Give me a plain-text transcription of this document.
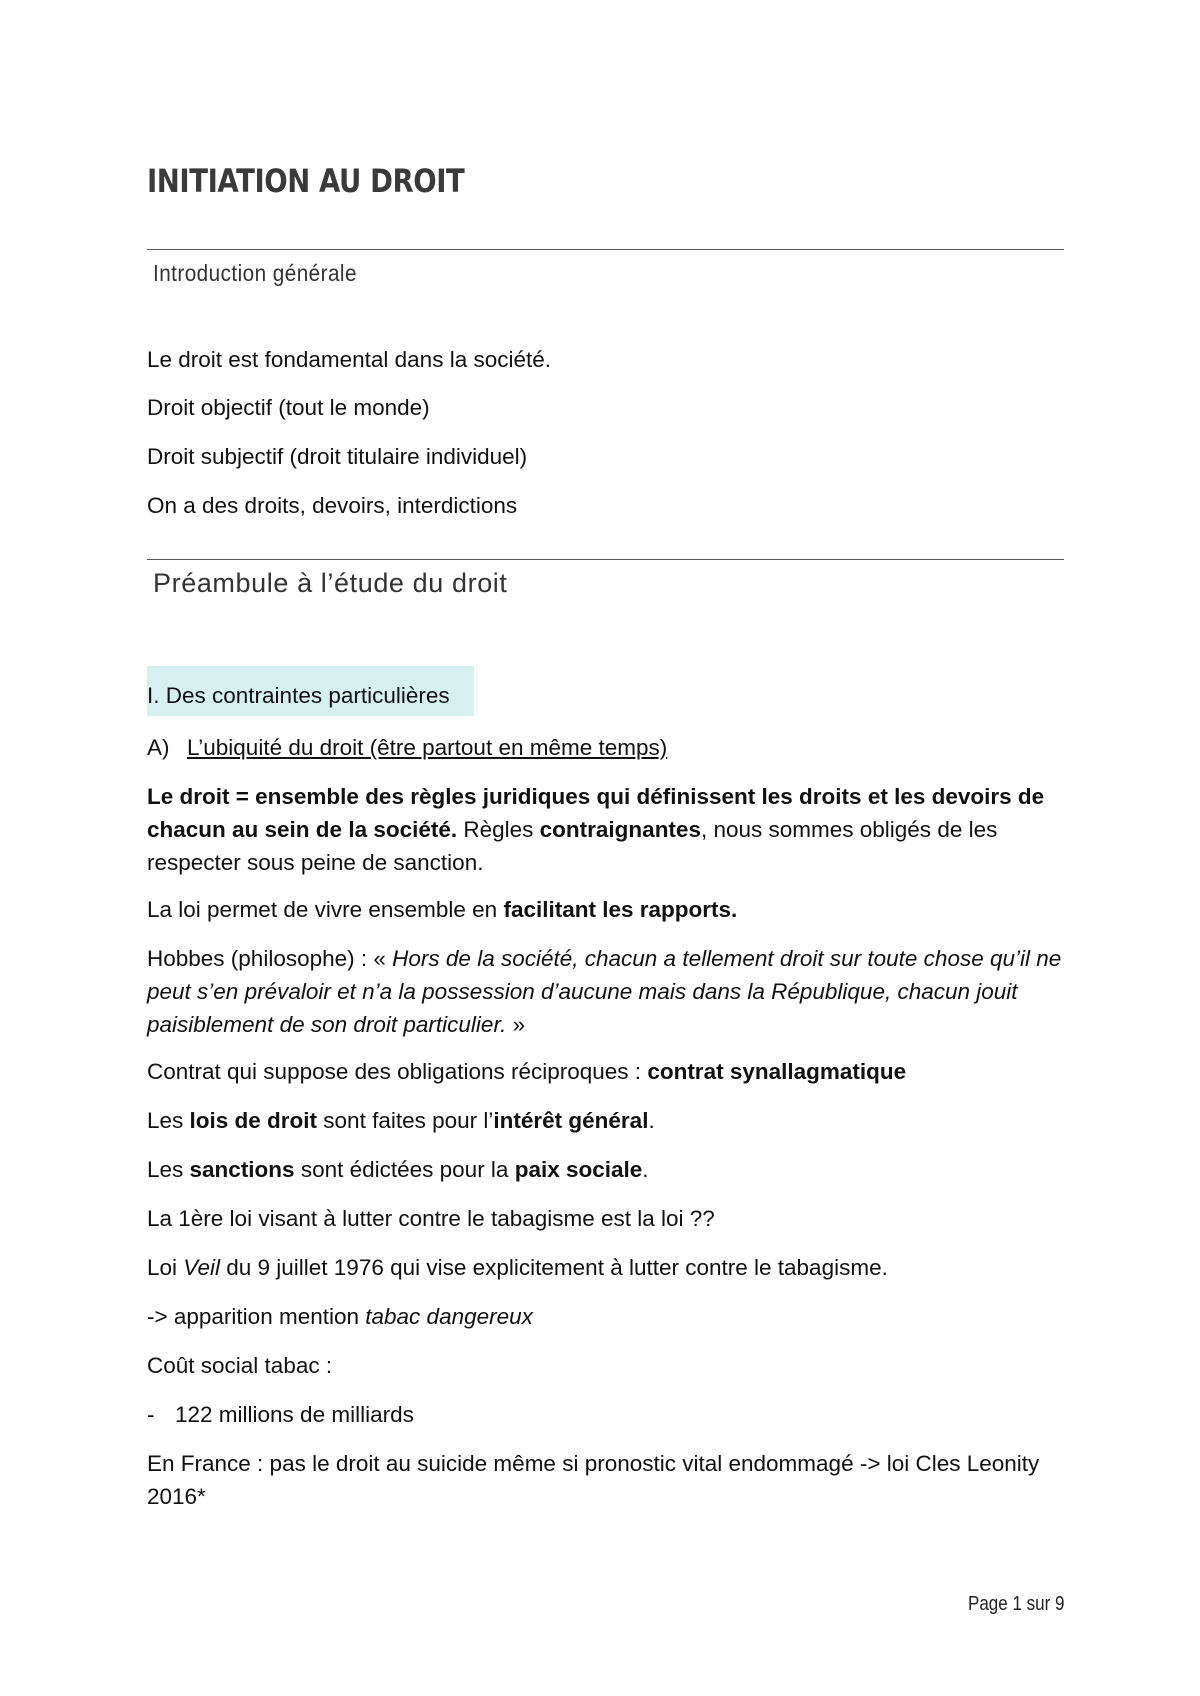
INITIATION AU DROIT
Introduction générale

Le droit est fondamental dans la société.

Droit objectif (tout le monde)

Droit subjectif (droit titulaire individuel)

On a des droits, devoirs, interdictions

Préambule à l’étude du droit

I. Des contraintes particulières

A) L’ubiquité du droit (être partout en même temps)

Le droit = ensemble des règles juridiques qui définissent les droits et les devoirs de chacun au sein de la société. Règles contraignantes, nous sommes obligés de les respecter sous peine de sanction.

La loi permet de vivre ensemble en facilitant les rapports.

Hobbes (philosophe) : « Hors de la société, chacun a tellement droit sur toute chose qu’il ne peut s’en prévaloir et n’a la possession d’aucune mais dans la République, chacun jouit paisiblement de son droit particulier. »

Contrat qui suppose des obligations réciproques : contrat synallagmatique

Les lois de droit sont faites pour l’intérêt général.

Les sanctions sont édictées pour la paix sociale.

La 1ère loi visant à lutter contre le tabagisme est la loi ??

Loi Veil du 9 juillet 1976 qui vise explicitement à lutter contre le tabagisme.

-> apparition mention tabac dangereux

Coût social tabac :

- 122 millions de milliards

En France : pas le droit au suicide même si pronostic vital endommagé -> loi Cles Leonity 2016*

Page 1 sur 9
